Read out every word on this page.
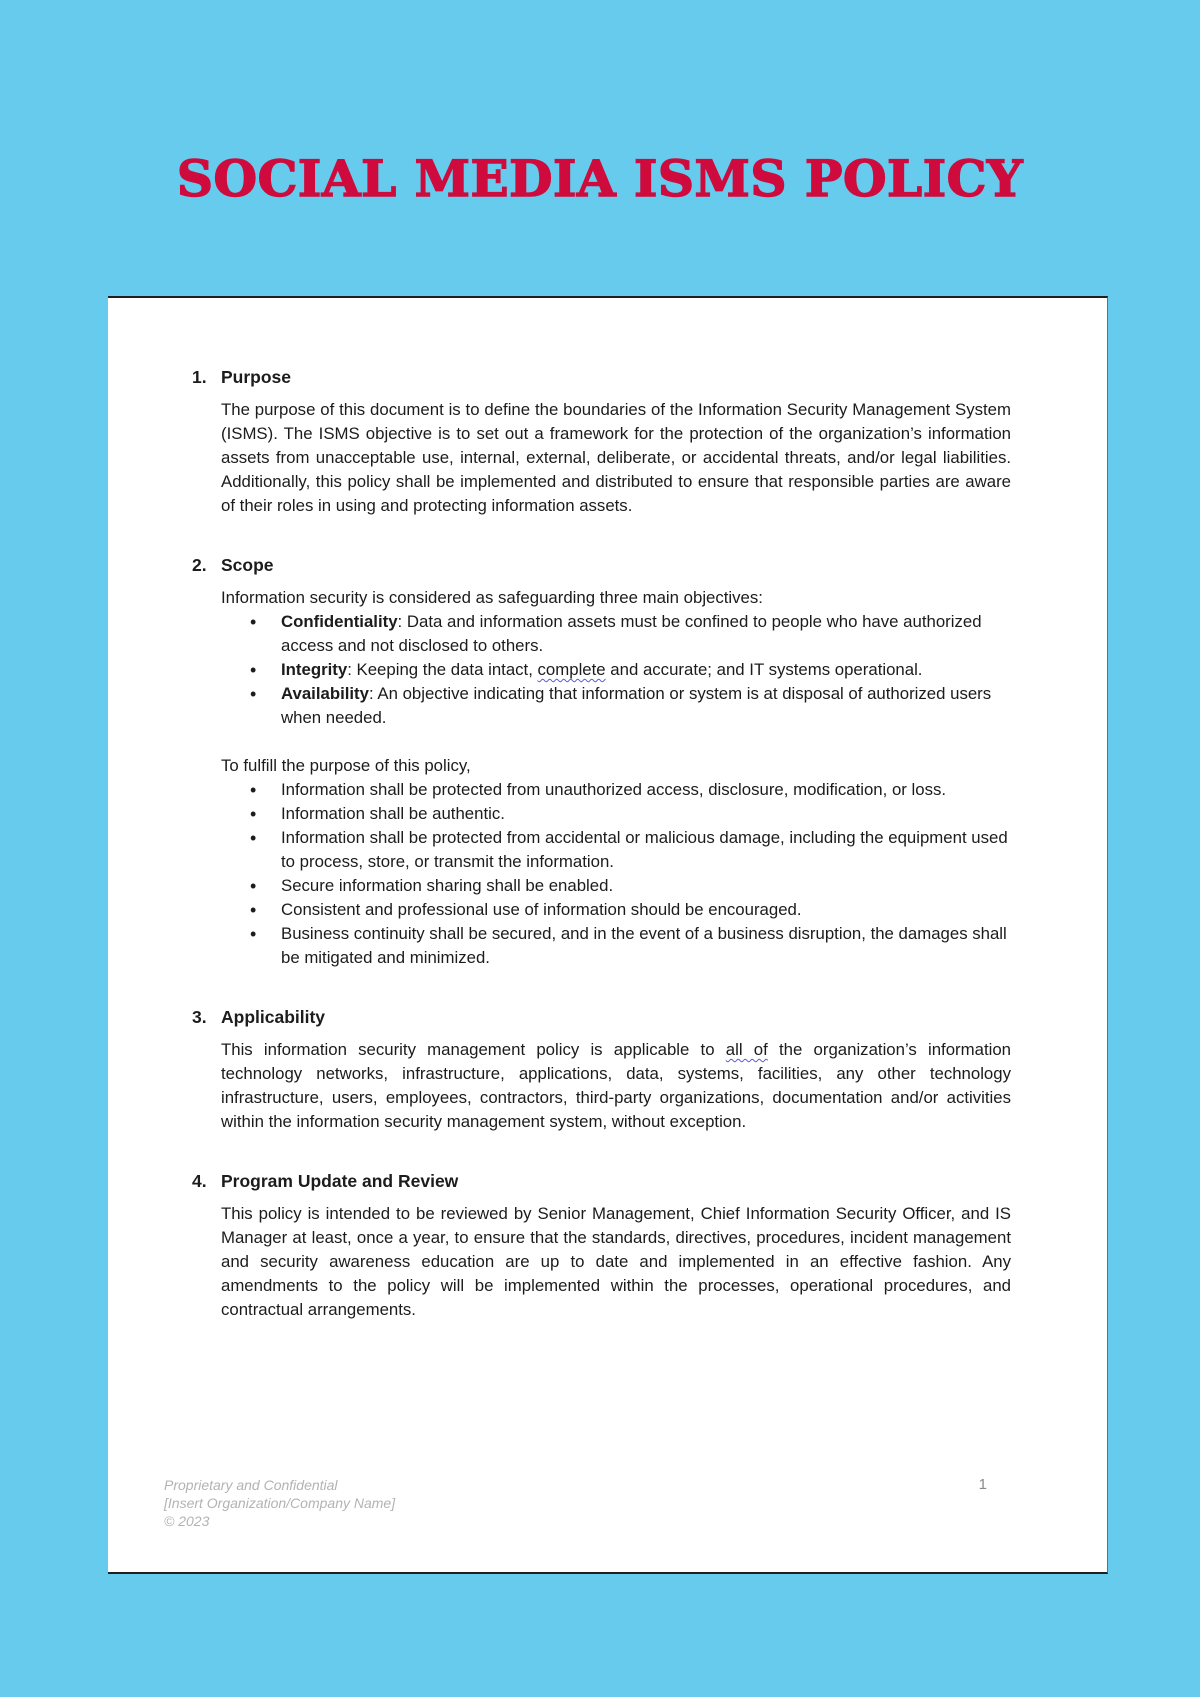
SOCIAL MEDIA ISMS POLICY
1. Purpose

The purpose of this document is to define the boundaries of the Information Security Management System (ISMS). The ISMS objective is to set out a framework for the protection of the organization’s information assets from unacceptable use, internal, external, deliberate, or accidental threats, and/or legal liabilities. Additionally, this policy shall be implemented and distributed to ensure that responsible parties are aware of their roles in using and protecting information assets.

2. Scope

Information security is considered as safeguarding three main objectives:

• Confidentiality: Data and information assets must be confined to people who have authorized access and not disclosed to others.
• Integrity: Keeping the data intact, complete and accurate; and IT systems operational.
• Availability: An objective indicating that information or system is at disposal of authorized users when needed.

To fulfill the purpose of this policy,

• Information shall be protected from unauthorized access, disclosure, modification, or loss.
• Information shall be authentic.
• Information shall be protected from accidental or malicious damage, including the equipment used to process, store, or transmit the information.
• Secure information sharing shall be enabled.
• Consistent and professional use of information should be encouraged.
• Business continuity shall be secured, and in the event of a business disruption, the damages shall be mitigated and minimized.
3. Applicability

This information security management policy is applicable to all of the organization’s information technology networks, infrastructure, applications, data, systems, facilities, any other technology infrastructure, users, employees, contractors, third-party organizations, documentation and/or activities within the information security management system, without exception.

4. Program Update and Review

This policy is intended to be reviewed by Senior Management, Chief Information Security Officer, and IS Manager at least, once a year, to ensure that the standards, directives, procedures, incident management and security awareness education are up to date and implemented in an effective fashion. Any amendments to the policy will be implemented within the processes, operational procedures, and contractual arrangements.

Proprietary and Confidential
[Insert Organization/Company Name]
© 2023
1
